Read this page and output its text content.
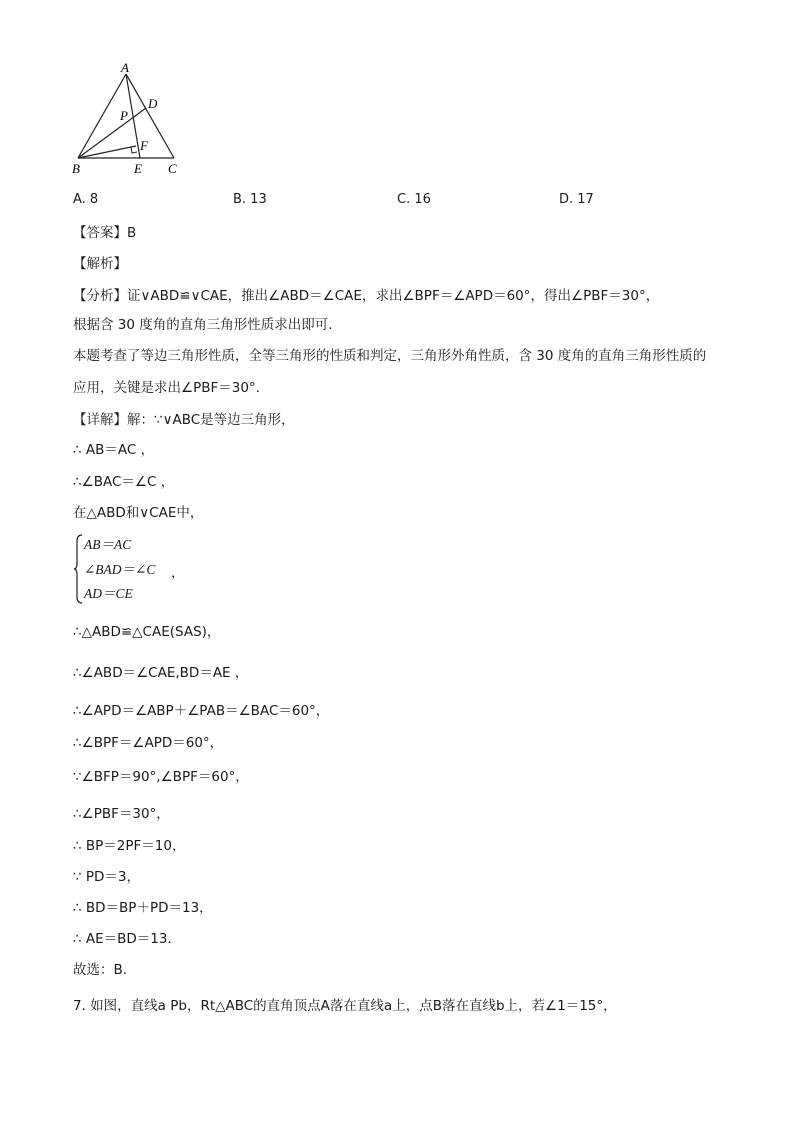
A
D
P
F
B	E C
A. 8	B. 13	C. 16	D. 17
【答案】B
【解析】
【分析】证∨ABD≌∨CAE，推出∠ABD＝∠CAE，求出∠BPF＝∠APD＝60°，得出∠PBF＝30°，
根据含 30 度角的直角三角形性质求出即可．
本题考查了等边三角形性质，全等三角形的性质和判定，三角形外角性质，含 30 度角的直角三角形性质的
应用，关键是求出∠PBF＝30°．
【详解】解：∵∨ABC是等边三角形，
∴ AB＝AC ，
∴∠BAC＝∠C ，
在△ABD和∨CAE中，
AB＝AC
∠BAD＝∠C
AD＝CE
，
∴△ABD≌△CAE(SAS)，
∴∠ABD＝∠CAE,BD＝AE ，
∴∠APD＝∠ABP＋∠PAB＝∠BAC＝60°，
∴∠BPF＝∠APD＝60°，
∵∠BFP＝90°,∠BPF＝60°，
∴∠PBF＝30°，
∴ BP＝2PF＝10，
∵ PD＝3，
∴ BD＝BP＋PD＝13，
∴ AE＝BD＝13．
故选：B．
7. 如图，直线a Pb，Rt△ABC的直角顶点A落在直线a上，点B落在直线b上，若∠1＝15°，
